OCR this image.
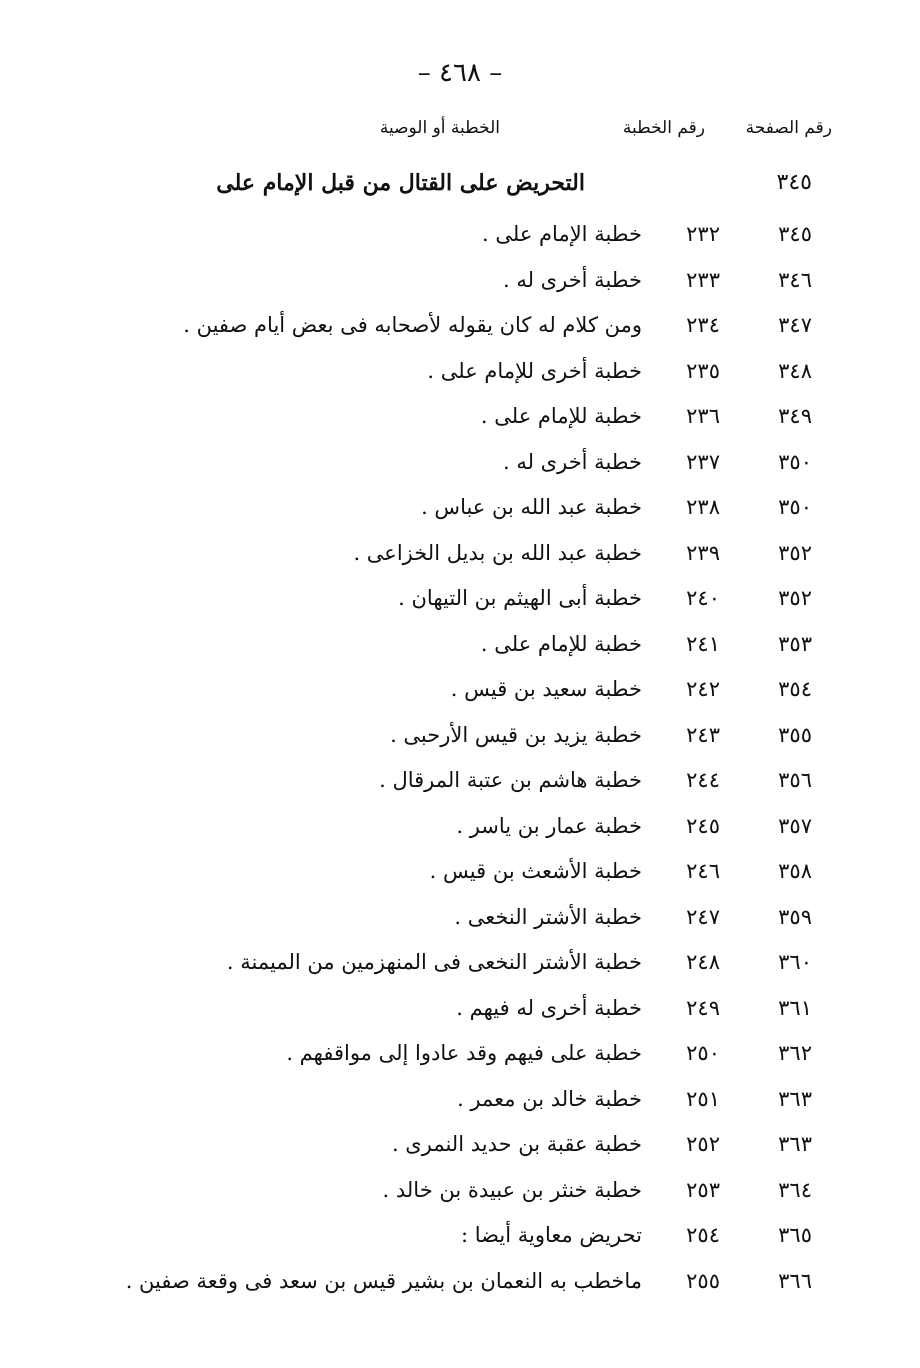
– ٤٦٨ –
رقم الصفحة
رقم الخطبة
الخطبة أو الوصية
٣٤٥
التحريض على القتال من قبل الإمام على
٣٤٥
٢٣٢
خطبة الإمام على .
٣٤٦
٢٣٣
خطبة أخرى له .
٣٤٧
٢٣٤
ومن كلام له كان يقوله لأصحابه فى بعض أيام صفين .
٣٤٨
٢٣٥
خطبة أخرى للإمام على .
٣٤٩
٢٣٦
خطبة للإمام على .
٣٥٠
٢٣٧
خطبة أخرى له .
٣٥٠
٢٣٨
خطبة عبد الله بن عباس .
٣٥٢
٢٣٩
خطبة عبد الله بن بديل الخزاعى .
٣٥٢
٢٤٠
خطبة أبى الهيثم بن التيهان .
٣٥٣
٢٤١
خطبة للإمام على .
٣٥٤
٢٤٢
خطبة سعيد بن قيس .
٣٥٥
٢٤٣
خطبة يزيد بن قيس الأرحبى .
٣٥٦
٢٤٤
خطبة هاشم بن عتبة المرقال .
٣٥٧
٢٤٥
خطبة عمار بن ياسر .
٣٥٨
٢٤٦
خطبة الأشعث بن قيس .
٣٥٩
٢٤٧
خطبة الأشتر النخعى .
٣٦٠
٢٤٨
خطبة الأشتر النخعى فى المنهزمين من الميمنة .
٣٦١
٢٤٩
خطبة أخرى له فيهم .
٣٦٢
٢٥٠
خطبة على فيهم وقد عادوا إلى مواقفهم .
٣٦٣
٢٥١
خطبة خالد بن معمر .
٣٦٣
٢٥٢
خطبة عقبة بن حديد النمرى .
٣٦٤
٢٥٣
خطبة خنثر بن عبيدة بن خالد .
٣٦٥
٢٥٤
تحريض معاوية أيضا :
٣٦٦
٢٥٥
ماخطب به النعمان بن بشير قيس بن سعد فى وقعة صفين .
